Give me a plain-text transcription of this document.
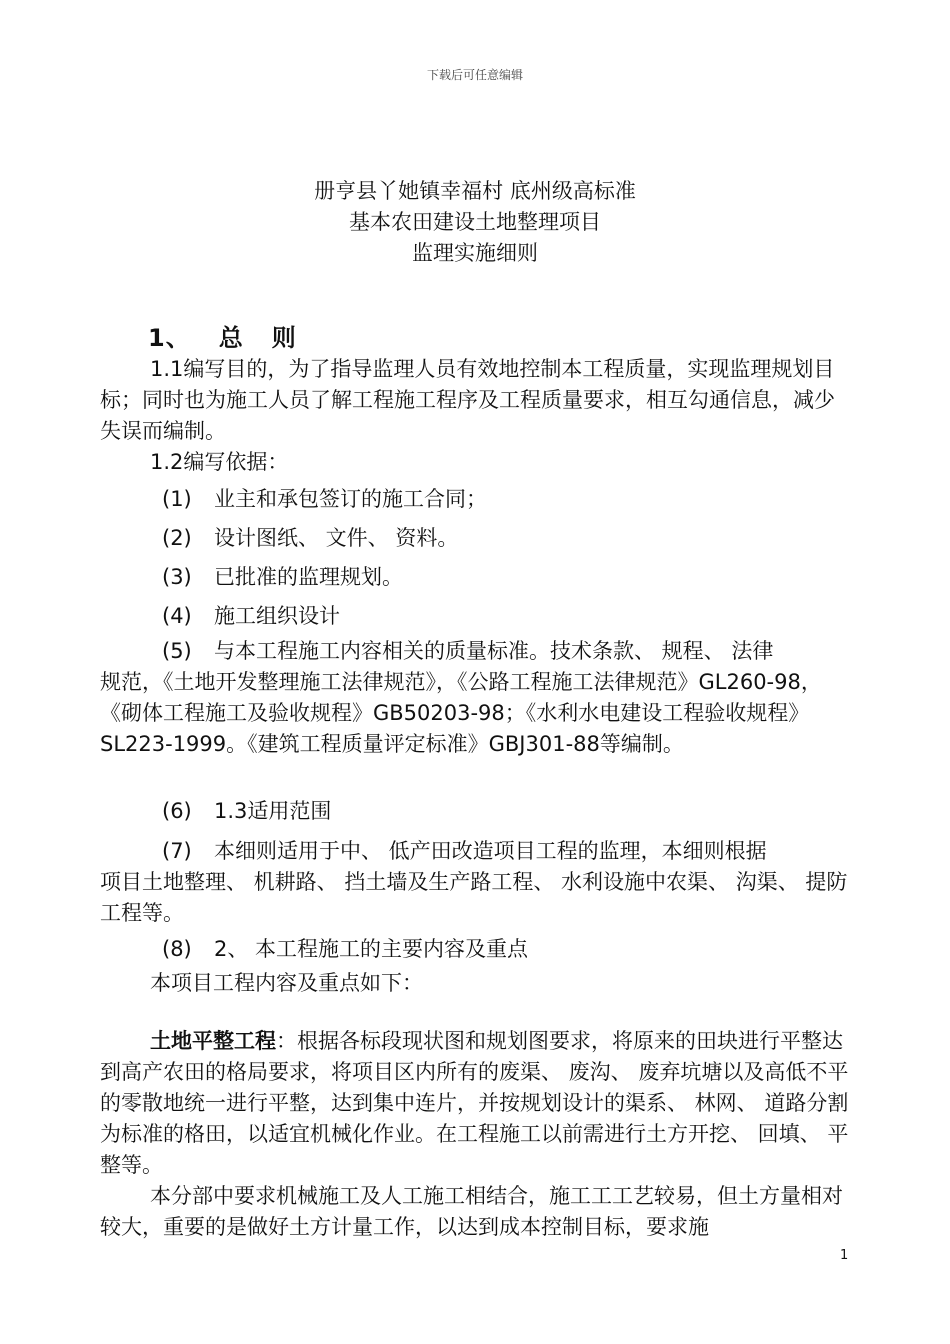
下载后可任意编辑
册亨县丫她镇幸福村 底州级高标准
基本农田建设土地整理项目
监理实施细则
1、 总 则

1.1编写目的，为了指导监理人员有效地控制本工程质量，实现监理规划目标；同时也为施工人员了解工程施工程序及工程质量要求，相互勾通信息，减少失误而编制。

1.2编写依据：

(1) 业主和承包签订的施工合同；

(2) 设计图纸、 文件、 资料。

(3) 已批准的监理规划。

(4) 施工组织设计

(5) 与本工程施工内容相关的质量标准。技术条款、 规程、 法律
规范，《土地开发整理施工法律规范》，《公路工程施工法律规范》GL260-98，《砌体工程施工及验收规程》GB50203-98；《水利水电建设工程验收规程》SL223-1999。《建筑工程质量评定标准》GBJ301-88等编制。

(6) 1.3适用范围

(7) 本细则适用于中、 低产田改造项目工程的监理，本细则根据
项目土地整理、 机耕路、 挡土墙及生产路工程、 水利设施中农渠、 沟渠、 提防工程等。

(8) 2、 本工程施工的主要内容及重点

本项目工程内容及重点如下：

土地平整工程：根据各标段现状图和规划图要求，将原来的田块进行平整达到高产农田的格局要求，将项目区内所有的废渠、 废沟、 废弃坑塘以及高低不平的零散地统一进行平整，达到集中连片，并按规划设计的渠系、 林网、 道路分割为标准的格田，以适宜机械化作业。在工程施工以前需进行土方开挖、 回填、 平整等。

本分部中要求机械施工及人工施工相结合，施工工工艺较易，但土方量相对较大，重要的是做好土方计量工作，以达到成本控制目标，要求施

1
